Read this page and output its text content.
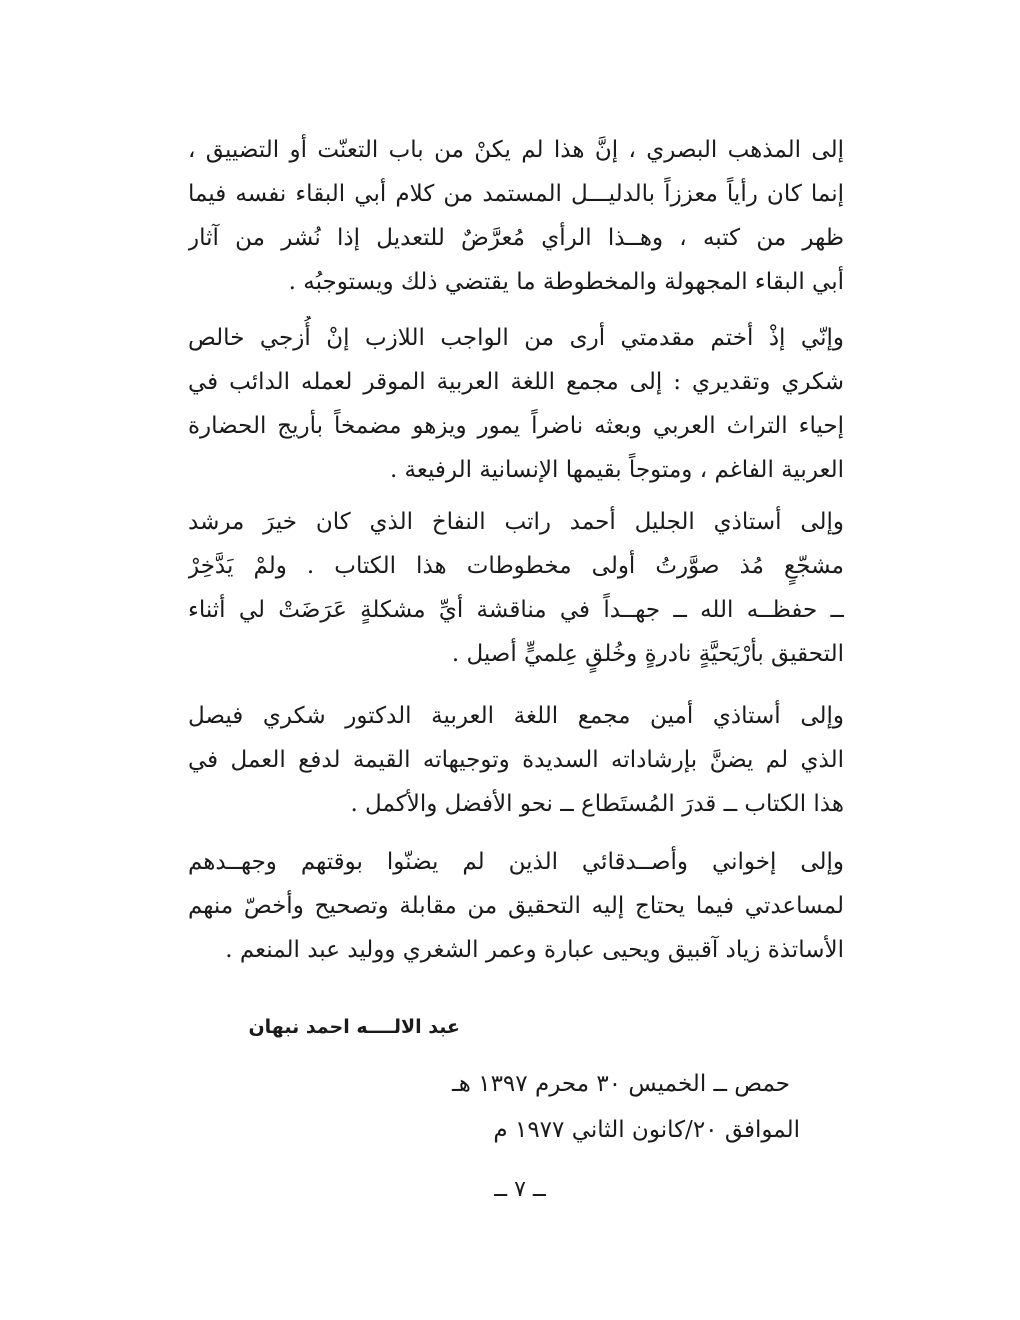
إلى المذهب البصري ، إنَّ هذا لم يكنْ من باب التعنّت أو التضييق ،
إنما كان رأياً معززاً بالدليـــل المستمد من كلام أبي البقاء نفسه فيما
ظهر من كتبه ، وهــذا الرأي مُعرَّضٌ للتعديل إذا نُشر من آثار
أبي البقاء المجهولة والمخطوطة ما يقتضي ذلك ويستوجبُه .
وإنّي إذْ أختم مقدمتي أرى من الواجب اللازب إنْ أُزجي خالص
شكري وتقديري : إلى مجمع اللغة العربية الموقر لعمله الدائب في
إحياء التراث العربي وبعثه ناضراً يمور ويزهو مضمخاً بأريج الحضارة
العربية الفاغم ، ومتوجاً بقيمها الإنسانية الرفيعة .
وإلى أستاذي الجليل أحمد راتب النفاخ الذي كان خيرَ مرشد
مشجّعٍ مُذ صوَّرتُ أولى مخطوطات هذا الكتاب . ولمْ يَدَّخِرْ
ــ حفظــه الله ــ جهــداً في مناقشة أيِّ مشكلةٍ عَرَضَتْ لي أثناء
التحقيق بأرْيَحيَّةٍ نادرةٍ وخُلقٍ عِلميٍّ أصيل .
وإلى أستاذي أمين مجمع اللغة العربية الدكتور شكري فيصل
الذي لم يضنَّ بإرشاداته السديدة وتوجيهاته القيمة لدفع العمل في
هذا الكتاب ــ قدرَ المُستَطاع ــ نحو الأفضل والأكمل .
وإلى إخواني وأصــدقائي الذين لم يضنّوا بوقتهم وجهــدهم
لمساعدتي فيما يحتاج إليه التحقيق من مقابلة وتصحيح وأخصّ منهم
الأساتذة زياد آقبيق ويحيى عبارة وعمر الشغري ووليد عبد المنعم .
عبد الالــــه احمد نبهان
حمص ــ الخميس ٣٠ محرم ١٣٩٧ هـ
الموافق ٢٠/كانون الثاني ١٩٧٧ م
ــ ٧ ــ
